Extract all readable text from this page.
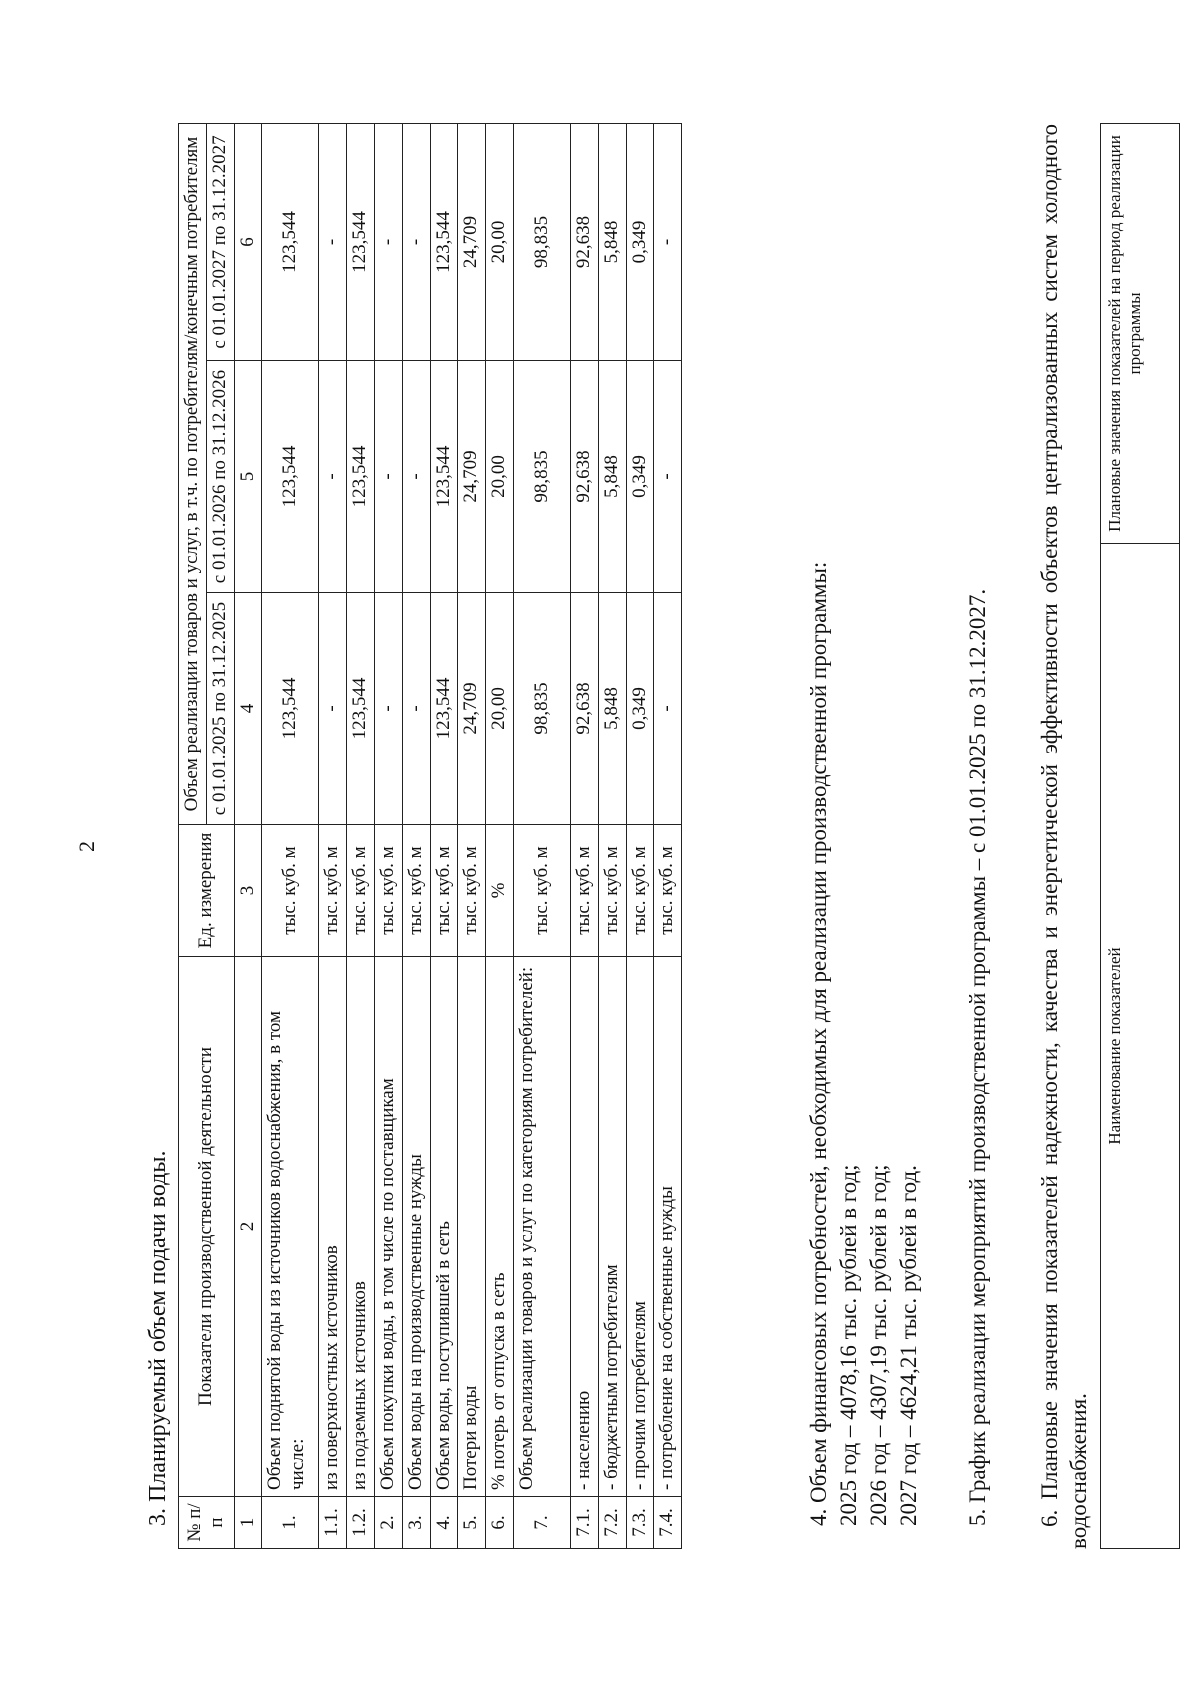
2
3. Планируемый объем подачи воды. № п/п	Показатели производственной деятельности	Ед. измерения	Объем реализации товаров и услуг, в т.ч. по потребителям/конечным потребителям		
			с 01.01.2025 по 31.12.2025	с 01.01.2026 по 31.12.2026	с 01.01.2027 по 31.12.2027
1	2	3	4	5	6
1.	Объем поднятой воды из источников водоснабжения, в том числе:	тыс. куб. м	123,544	123,544	123,544
1.1.	из поверхностных источников	тыс. куб. м	-	-	-
1.2.	из подземных источников	тыс. куб. м	123,544	123,544	123,544
2.	Объем покупки воды, в том числе по поставщикам	тыс. куб. м	-	-	-
3.	Объем воды на производственные нужды	тыс. куб. м	-	-	-
4.	Объем воды, поступившей в сеть	тыс. куб. м	123,544	123,544	123,544
5.	Потери воды	тыс. куб. м	24,709	24,709	24,709
6.	% потерь от отпуска в сеть	%	20,00	20,00	20,00
7.	Объем реализации товаров и услуг по категориям потребителей:	тыс. куб. м	98,835	98,835	98,835
7.1.	- населению	тыс. куб. м	92,638	92,638	92,638
7.2.	- бюджетным потребителям	тыс. куб. м	5,848	5,848	5,848
7.3.	- прочим потребителям	тыс. куб. м	0,349	0,349	0,349
7.4.	- потребление на собственные нужды	тыс. куб. м	-	-	-
4. Объем финансовых потребностей, необходимых для реализации производственной программы: 2025 год – 4078,16 тыс. рублей в год; 2026 год – 4307,19 тыс. рублей в год; 2027 год – 4624,21 тыс. рублей в год. 5. График реализации мероприятий производственной программы – с 01.01.2025 по 31.12.2027. 6. Плановые значения показателей надежности, качества и энергетической эффективности объектов централизованных систем холодного водоснабжения.
Наименование показателей	Плановые значения показателей на период реализации программы
